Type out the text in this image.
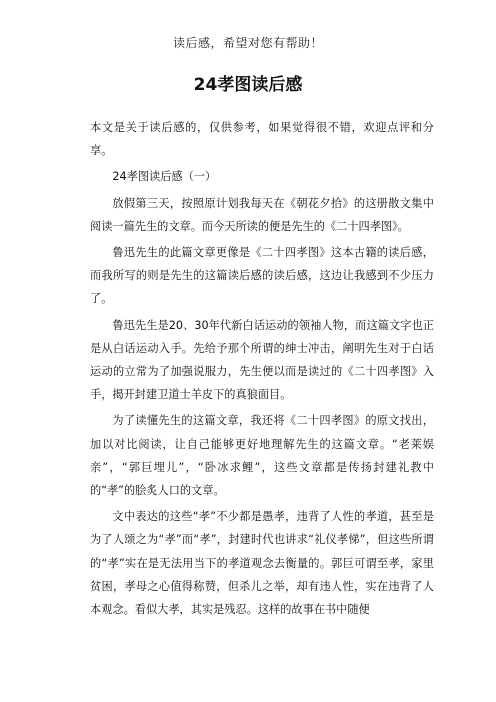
读后感，希望对您有帮助！
24孝图读后感

本文是关于读后感的，仅供参考，如果觉得很不错，欢迎点评和分享。

24孝图读后感（一）

放假第三天，按照原计划我每天在《朝花夕拾》的这册散文集中阅读一篇先生的文章。而今天所读的便是先生的《二十四孝图》。

鲁迅先生的此篇文章更像是《二十四孝图》这本古籍的读后感，而我所写的则是先生的这篇读后感的读后感，这边让我感到不少压力了。

鲁迅先生是20、30年代新白话运动的领袖人物，而这篇文字也正是从白话运动入手。先给予那个所谓的绅士冲击，阐明先生对于白话运动的立常为了加强说服力，先生便以而是读过的《二十四孝图》入手，揭开封建卫道士羊皮下的真狼面目。

为了读懂先生的这篇文章，我还将《二十四孝图》的原文找出，加以对比阅读，让自己能够更好地理解先生的这篇文章。“老莱娱亲”，“郭巨埋儿”，“卧冰求鲤”，这些文章都是传扬封建礼教中的“孝”的脍炙人口的文章。

文中表达的这些“孝”不少都是愚孝，违背了人性的孝道，甚至是为了人颂之为“孝”而“孝”，封建时代也讲求“礼仪孝悌”，但这些所谓的“孝”实在是无法用当下的孝道观念去衡量的。郭巨可谓至孝，家里贫困，孝母之心值得称赞，但杀儿之举，却有违人性，实在违背了人本观念。看似大孝，其实是残忍。这样的故事在书中随便
